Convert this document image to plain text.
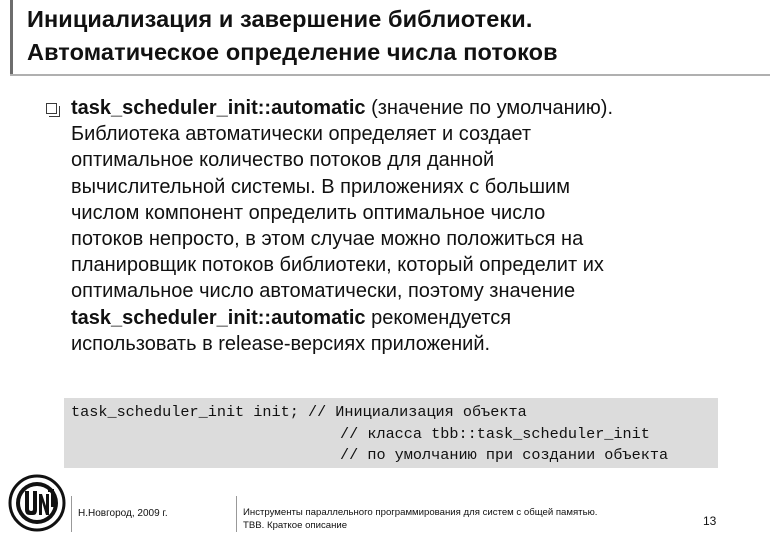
Инициализация и завершение библиотеки.
Автоматическое определение числа потоков
task_scheduler_init::automatic (значение по умолчанию).
Библиотека автоматически определяет и создает
оптимальное количество потоков для данной
вычислительной системы. В приложениях с большим
числом компонент определить оптимальное число
потоков непросто, в этом случае можно положиться на
планировщик потоков библиотеки, который определит их
оптимальное число автоматически, поэтому значение
task_scheduler_init::automatic рекомендуется
использовать в release-версиях приложений.
task_scheduler_init init; // Инициализация объекта
// класса tbb::task_scheduler_init
// по умолчанию при создании объекта
Н.Новгород, 2009 г.	Инструменты параллельного программирования для систем с общей памятью.
TBB. Краткое описание	13
